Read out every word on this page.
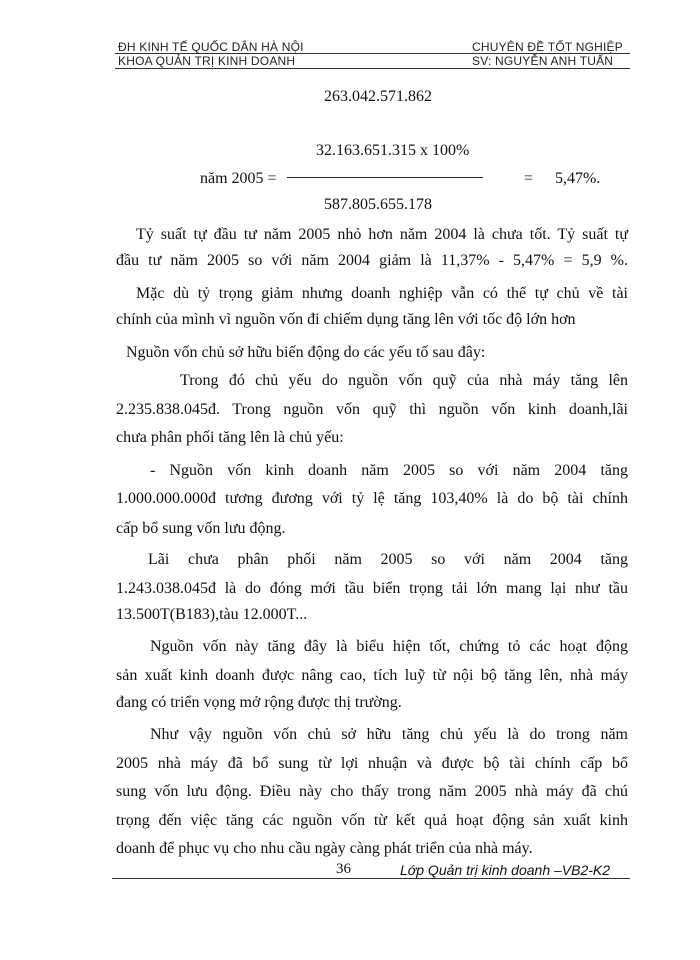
ĐH KINH TẾ QUỐC DÂN HÀ NỘI
KHOA QUẢN TRỊ KINH DOANH
CHUYÊN ĐỀ TỐT NGHIỆP
SV: NGUYỄN ANH TUẤN
263.042.571.862
32.163.651.315 x 100%
năm 2005 =	= 5,47%.
587.805.655.178
Tỷ suất tự đầu tư năm 2005 nhỏ hơn năm 2004 là chưa tốt. Tỷ suất tự
đầu tư năm 2005 so với năm 2004 giảm là 11,37% - 5,47% = 5,9 %.
Mặc dù tỷ trọng giảm nhưng doanh nghiệp vẫn có thể tự chủ về tài
chính của mình vì nguồn vốn đi chiếm dụng tăng lên với tốc độ lớn hơn
Nguồn vốn chủ sở hữu biến động do các yếu tố sau đây:
Trong đó chủ yếu do nguồn vốn quỹ của nhà máy tăng lên
2.235.838.045đ. Trong nguồn vốn quỹ thì nguồn vốn kinh doanh,lãi
chưa phân phối tăng lên là chủ yếu:
- Nguồn vốn kinh doanh năm 2005 so với năm 2004 tăng
1.000.000.000đ tương đương với tỷ lệ tăng 103,40% là do bộ tài chính
cấp bổ sung vốn lưu động.
Lãi chưa phân phối năm 2005 so với năm 2004 tăng
1.243.038.045đ là do đóng mới tầu biển trọng tải lớn mang lại như tầu
13.500T(B183),tàu 12.000T...
Nguồn vốn này tăng đây là biểu hiện tốt, chứng tỏ các hoạt động
sản xuất kinh doanh được nâng cao, tích luỹ từ nội bộ tăng lên, nhà máy
đang có triển vọng mở rộng được thị trường.
Như vậy nguồn vốn chủ sở hữu tăng chủ yếu là do trong năm
2005 nhà máy đã bổ sung từ lợi nhuận và được bộ tài chính cấp bổ
sung vốn lưu động. Điều này cho thấy trong năm 2005 nhà máy đã chú
trọng đến việc tăng các nguồn vốn từ kết quả hoạt động sản xuất kinh
doanh để phục vụ cho nhu cầu ngày càng phát triển của nhà máy.
36	Lớp Quản trị kinh doanh –VB2-K2
